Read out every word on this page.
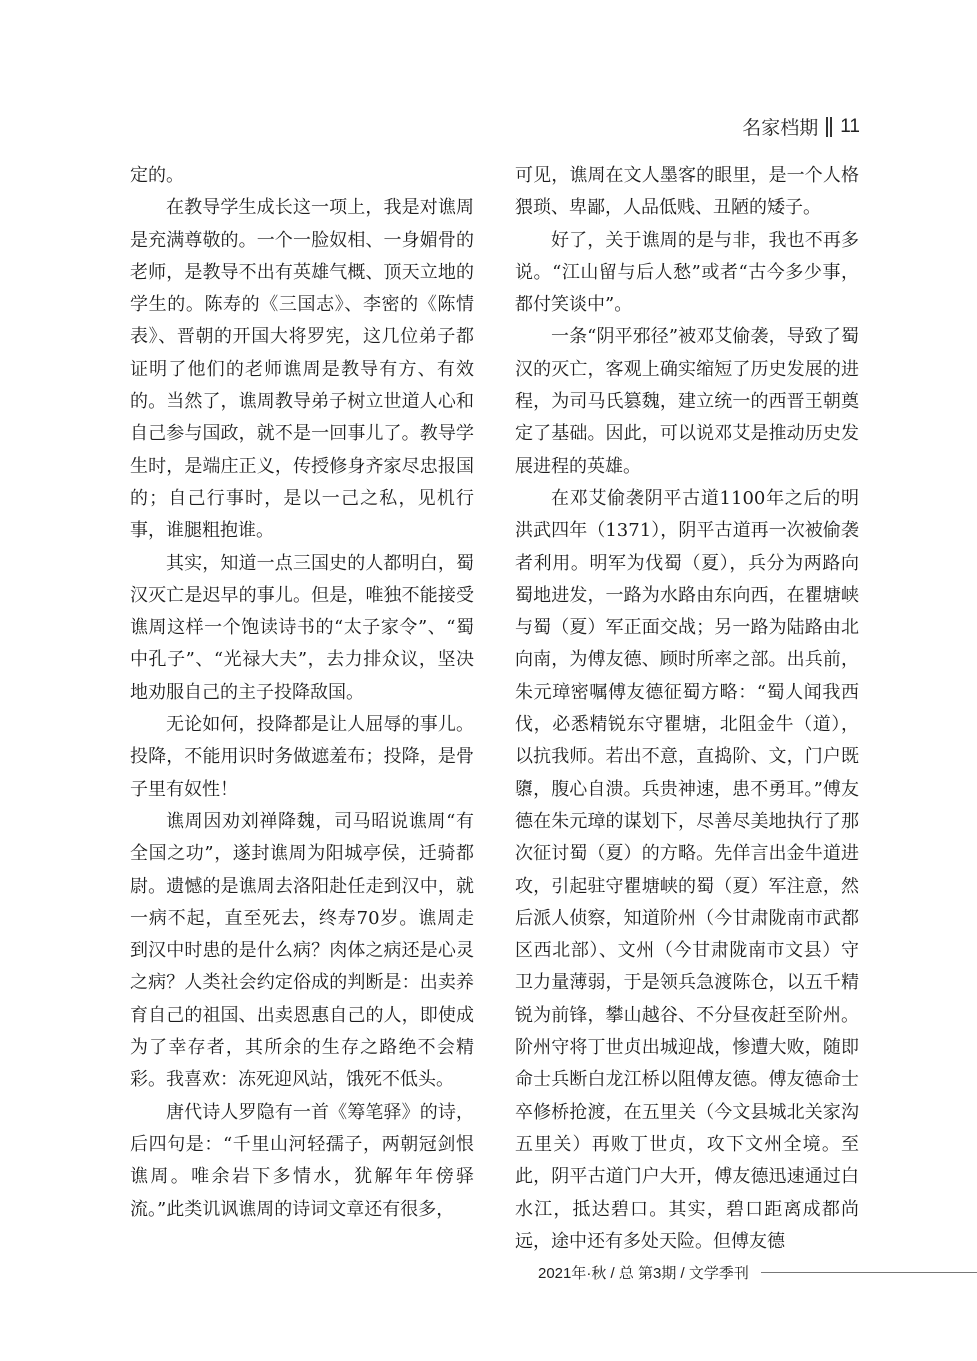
名家档期 11

定的。

在教导学生成长这一项上，我是对谯周是充满尊敬的。一个一脸奴相、一身媚骨的老师，是教导不出有英雄气概、顶天立地的学生的。陈寿的《三国志》、李密的《陈情表》、晋朝的开国大将罗宪，这几位弟子都证明了他们的老师谯周是教导有方、有效的。当然了，谯周教导弟子树立世道人心和自己参与国政，就不是一回事儿了。教导学生时，是端庄正义，传授修身齐家尽忠报国的；自己行事时，是以一己之私，见机行事，谁腿粗抱谁。

其实，知道一点三国史的人都明白，蜀汉灭亡是迟早的事儿。但是，唯独不能接受谯周这样一个饱读诗书的“太子家令”、“蜀中孔子”、“光禄大夫”，去力排众议，坚决地劝服自己的主子投降敌国。

无论如何，投降都是让人屈辱的事儿。投降，不能用识时务做遮羞布；投降，是骨子里有奴性！

谯周因劝刘禅降魏，司马昭说谯周“有全国之功”，遂封谯周为阳城亭侯，迁骑都尉。遗憾的是谯周去洛阳赴任走到汉中，就一病不起，直至死去，终寿70岁。谯周走到汉中时患的是什么病？肉体之病还是心灵之病？人类社会约定俗成的判断是：出卖养育自己的祖国、出卖恩惠自己的人，即使成为了幸存者，其所余的生存之路绝不会精彩。我喜欢：冻死迎风站，饿死不低头。

唐代诗人罗隐有一首《筹笔驿》的诗，后四句是：“千里山河轻孺子，两朝冠剑恨谯周。唯余岩下多情水，犹解年年傍驿流。”此类讥讽谯周的诗词文章还有很多，

可见，谯周在文人墨客的眼里，是一个人格猥琐、卑鄙，人品低贱、丑陋的矮子。

好了，关于谯周的是与非，我也不再多说。“江山留与后人愁”或者“古今多少事，都付笑谈中”。

一条“阴平邪径”被邓艾偷袭，导致了蜀汉的灭亡，客观上确实缩短了历史发展的进程，为司马氏篡魏，建立统一的西晋王朝奠定了基础。因此，可以说邓艾是推动历史发展进程的英雄。

在邓艾偷袭阴平古道1100年之后的明洪武四年（1371），阴平古道再一次被偷袭者利用。明军为伐蜀（夏），兵分为两路向蜀地进发，一路为水路由东向西，在瞿塘峡与蜀（夏）军正面交战；另一路为陆路由北向南，为傅友德、顾时所率之部。出兵前，朱元璋密嘱傅友德征蜀方略：“蜀人闻我西伐，必悉精锐东守瞿塘，北阻金牛（道），以抗我师。若出不意，直捣阶、文，门户既隳，腹心自溃。兵贵神速，患不勇耳。”傅友德在朱元璋的谋划下，尽善尽美地执行了那次征讨蜀（夏）的方略。先佯言出金牛道进攻，引起驻守瞿塘峡的蜀（夏）军注意，然后派人侦察，知道阶州（今甘肃陇南市武都区西北部）、文州（今甘肃陇南市文县）守卫力量薄弱，于是领兵急渡陈仓，以五千精锐为前锋，攀山越谷、不分昼夜赶至阶州。阶州守将丁世贞出城迎战，惨遭大败，随即命士兵断白龙江桥以阻傅友德。傅友德命士卒修桥抢渡，在五里关（今文县城北关家沟五里关）再败丁世贞，攻下文州全境。至此，阴平古道门户大开，傅友德迅速通过白水江，抵达碧口。其实，碧口距离成都尚远，途中还有多处天险。但傅友德

2021年·秋 / 总 第3期 / 文学季刊
